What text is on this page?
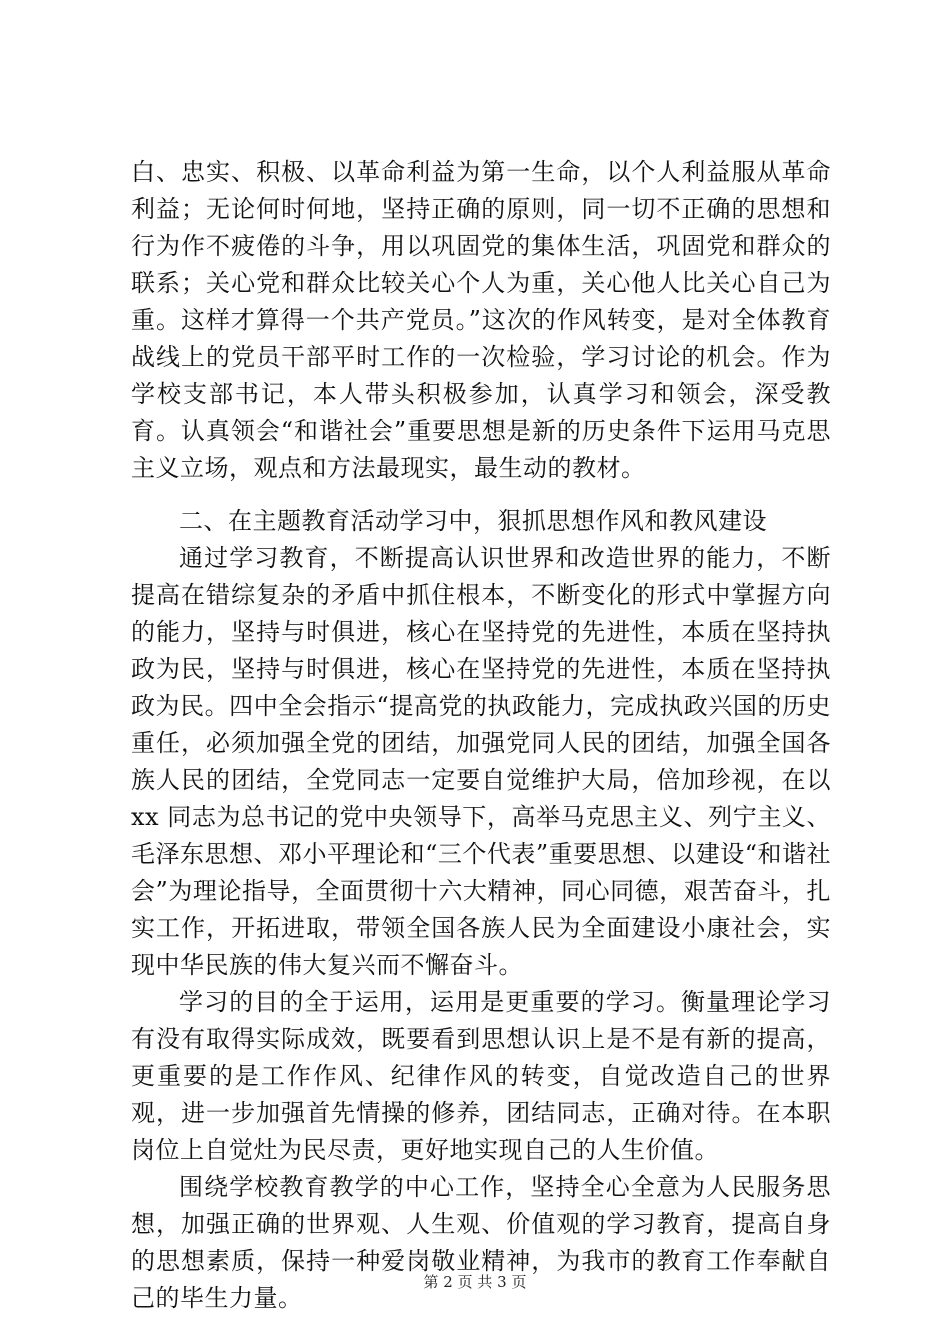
白、忠实、积极、以革命利益为第一生命，以个人利益服从革命利益；无论何时何地，坚持正确的原则，同一切不正确的思想和行为作不疲倦的斗争，用以巩固党的集体生活，巩固党和群众的联系；关心党和群众比较关心个人为重，关心他人比关心自己为重。这样才算得一个共产党员。”这次的作风转变，是对全体教育战线上的党员干部平时工作的一次检验，学习讨论的机会。作为学校支部书记，本人带头积极参加，认真学习和领会，深受教育。认真领会“和谐社会”重要思想是新的历史条件下运用马克思主义立场，观点和方法最现实，最生动的教材。

二、在主题教育活动学习中，狠抓思想作风和教风建设

通过学习教育，不断提高认识世界和改造世界的能力，不断提高在错综复杂的矛盾中抓住根本，不断变化的形式中掌握方向的能力，坚持与时俱进，核心在坚持党的先进性，本质在坚持执政为民，坚持与时俱进，核心在坚持党的先进性，本质在坚持执政为民。四中全会指示“提高党的执政能力，完成执政兴国的历史重任，必须加强全党的团结，加强党同人民的团结，加强全国各族人民的团结，全党同志一定要自觉维护大局，倍加珍视，在以 xx 同志为总书记的党中央领导下，高举马克思主义、列宁主义、毛泽东思想、邓小平理论和“三个代表”重要思想、以建设“和谐社会”为理论指导，全面贯彻十六大精神，同心同德，艰苦奋斗，扎实工作，开拓进取，带领全国各族人民为全面建设小康社会，实现中华民族的伟大复兴而不懈奋斗。

学习的目的全于运用，运用是更重要的学习。衡量理论学习有没有取得实际成效，既要看到思想认识上是不是有新的提高，更重要的是工作作风、纪律作风的转变，自觉改造自己的世界观，进一步加强首先情操的修养，团结同志，正确对待。在本职岗位上自觉灶为民尽责，更好地实现自己的人生价值。

围绕学校教育教学的中心工作，坚持全心全意为人民服务思想，加强正确的世界观、人生观、价值观的学习教育，提高自身的思想素质，保持一种爱岗敬业精神，为我市的教育工作奉献自己的毕生力量。

第 2 页 共 3 页
